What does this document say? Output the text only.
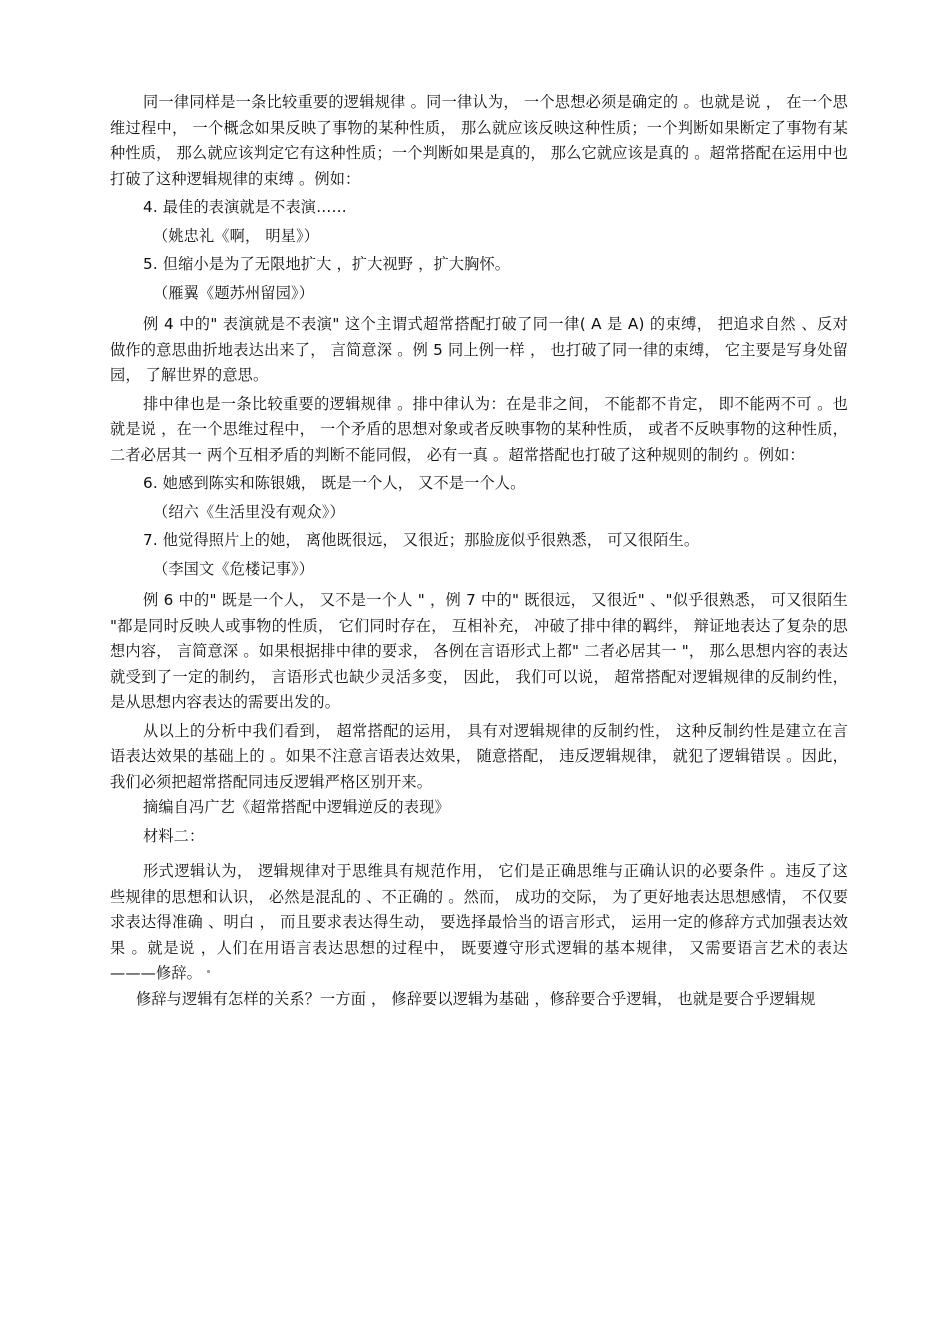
同一律同样是一条比较重要的逻辑规律 。同一律认为， 一个思想必须是确定的 。也就是说 ， 在一个思维过程中， 一个概念如果反映了事物的某种性质， 那么就应该反映这种性质；一个判断如果断定了事物有某种性质， 那么就应该判定它有这种性质；一个判断如果是真的， 那么它就应该是真的 。超常搭配在运用中也打破了这种逻辑规律的束缚 。例如：

4. 最佳的表演就是不表演……

（姚忠礼《啊， 明星》）

5. 但缩小是为了无限地扩大 ，扩大视野 ，扩大胸怀。

（雁翼《题苏州留园》）

例 4 中的" 表演就是不表演" 这个主谓式超常搭配打破了同一律( A 是 A) 的束缚， 把追求自然 、反对做作的意思曲折地表达出来了， 言简意深 。例 5 同上例一样 ， 也打破了同一律的束缚， 它主要是写身处留园， 了解世界的意思。

排中律也是一条比较重要的逻辑规律 。排中律认为：在是非之间， 不能都不肯定， 即不能两不可 。也就是说 ，在一个思维过程中， 一个矛盾的思想对象或者反映事物的某种性质， 或者不反映事物的这种性质， 二者必居其一 两个互相矛盾的判断不能同假， 必有一真 。超常搭配也打破了这种规则的制约 。例如：

6. 她感到陈实和陈银娥， 既是一个人， 又不是一个人。

（绍六《生活里没有观众》）

7. 他觉得照片上的她， 离他既很远， 又很近；那脸庞似乎很熟悉， 可又很陌生。

（李国文《危楼记事》）

例 6 中的" 既是一个人， 又不是一个人 " ，例 7 中的" 既很远， 又很近" 、"似乎很熟悉， 可又很陌生 "都是同时反映人或事物的性质， 它们同时存在， 互相补充， 冲破了排中律的羁绊， 辩证地表达了复杂的思想内容， 言简意深 。如果根据排中律的要求， 各例在言语形式上都" 二者必居其一 "， 那么思想内容的表达就受到了一定的制约， 言语形式也缺少灵活多变， 因此， 我们可以说， 超常搭配对逻辑规律的反制约性， 是从思想内容表达的需要出发的。

从以上的分析中我们看到， 超常搭配的运用， 具有对逻辑规律的反制约性， 这种反制约性是建立在言语表达效果的基础上的 。如果不注意言语表达效果， 随意搭配， 违反逻辑规律， 就犯了逻辑错误 。因此， 我们必须把超常搭配同违反逻辑严格区别开来。

摘编自冯广艺《超常搭配中逻辑逆反的表现》

材料二：

形式逻辑认为， 逻辑规律对于思维具有规范作用， 它们是正确思维与正确认识的必要条件 。违反了这些规律的思想和认识， 必然是混乱的 、不正确的 。然而， 成功的交际， 为了更好地表达思想感情， 不仅要求表达得准确 、明白 ， 而且要求表达得生动， 要选择最恰当的语言形式， 运用一定的修辞方式加强表达效果 。就是说 ，人们在用语言表达思想的过程中， 既要遵守形式逻辑的基本规律， 又需要语言艺术的表达———修辞。

修辞与逻辑有怎样的关系？一方面 ， 修辞要以逻辑为基础 ，修辞要合乎逻辑， 也就是要合乎逻辑规
